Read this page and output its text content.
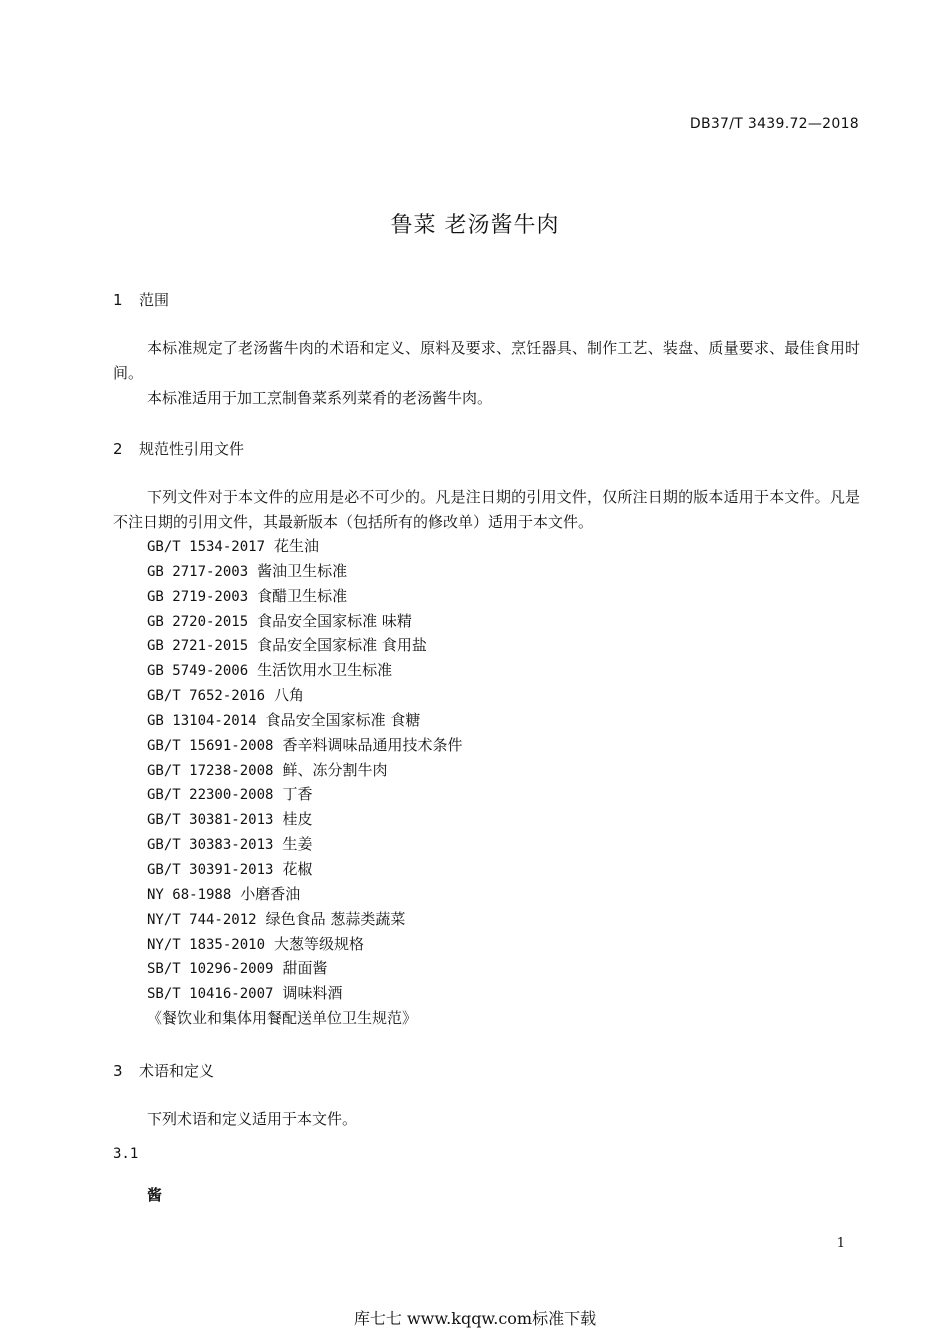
DB37/T 3439.72—2018
鲁菜 老汤酱牛肉
1 范围
本标准规定了老汤酱牛肉的术语和定义、原料及要求、烹饪器具、制作工艺、装盘、质量要求、最佳食用时间。
本标准适用于加工烹制鲁菜系列菜肴的老汤酱牛肉。
2 规范性引用文件
下列文件对于本文件的应用是必不可少的。凡是注日期的引用文件，仅所注日期的版本适用于本文件。凡是不注日期的引用文件，其最新版本（包括所有的修改单）适用于本文件。
GB/T 1534-2017 花生油
GB 2717-2003 酱油卫生标准
GB 2719-2003 食醋卫生标准
GB 2720-2015 食品安全国家标准 味精
GB 2721-2015 食品安全国家标准 食用盐
GB 5749-2006 生活饮用水卫生标准
GB/T 7652-2016 八角
GB 13104-2014 食品安全国家标准 食糖
GB/T 15691-2008 香辛料调味品通用技术条件
GB/T 17238-2008 鲜、冻分割牛肉
GB/T 22300-2008 丁香
GB/T 30381-2013 桂皮
GB/T 30383-2013 生姜
GB/T 30391-2013 花椒
NY 68-1988 小磨香油
NY/T 744-2012 绿色食品 葱蒜类蔬菜
NY/T 1835-2010 大葱等级规格
SB/T 10296-2009 甜面酱
SB/T 10416-2007 调味料酒
《餐饮业和集体用餐配送单位卫生规范》
3 术语和定义
下列术语和定义适用于本文件。
3.1
酱
1
库七七 www.kqqw.com标准下载
